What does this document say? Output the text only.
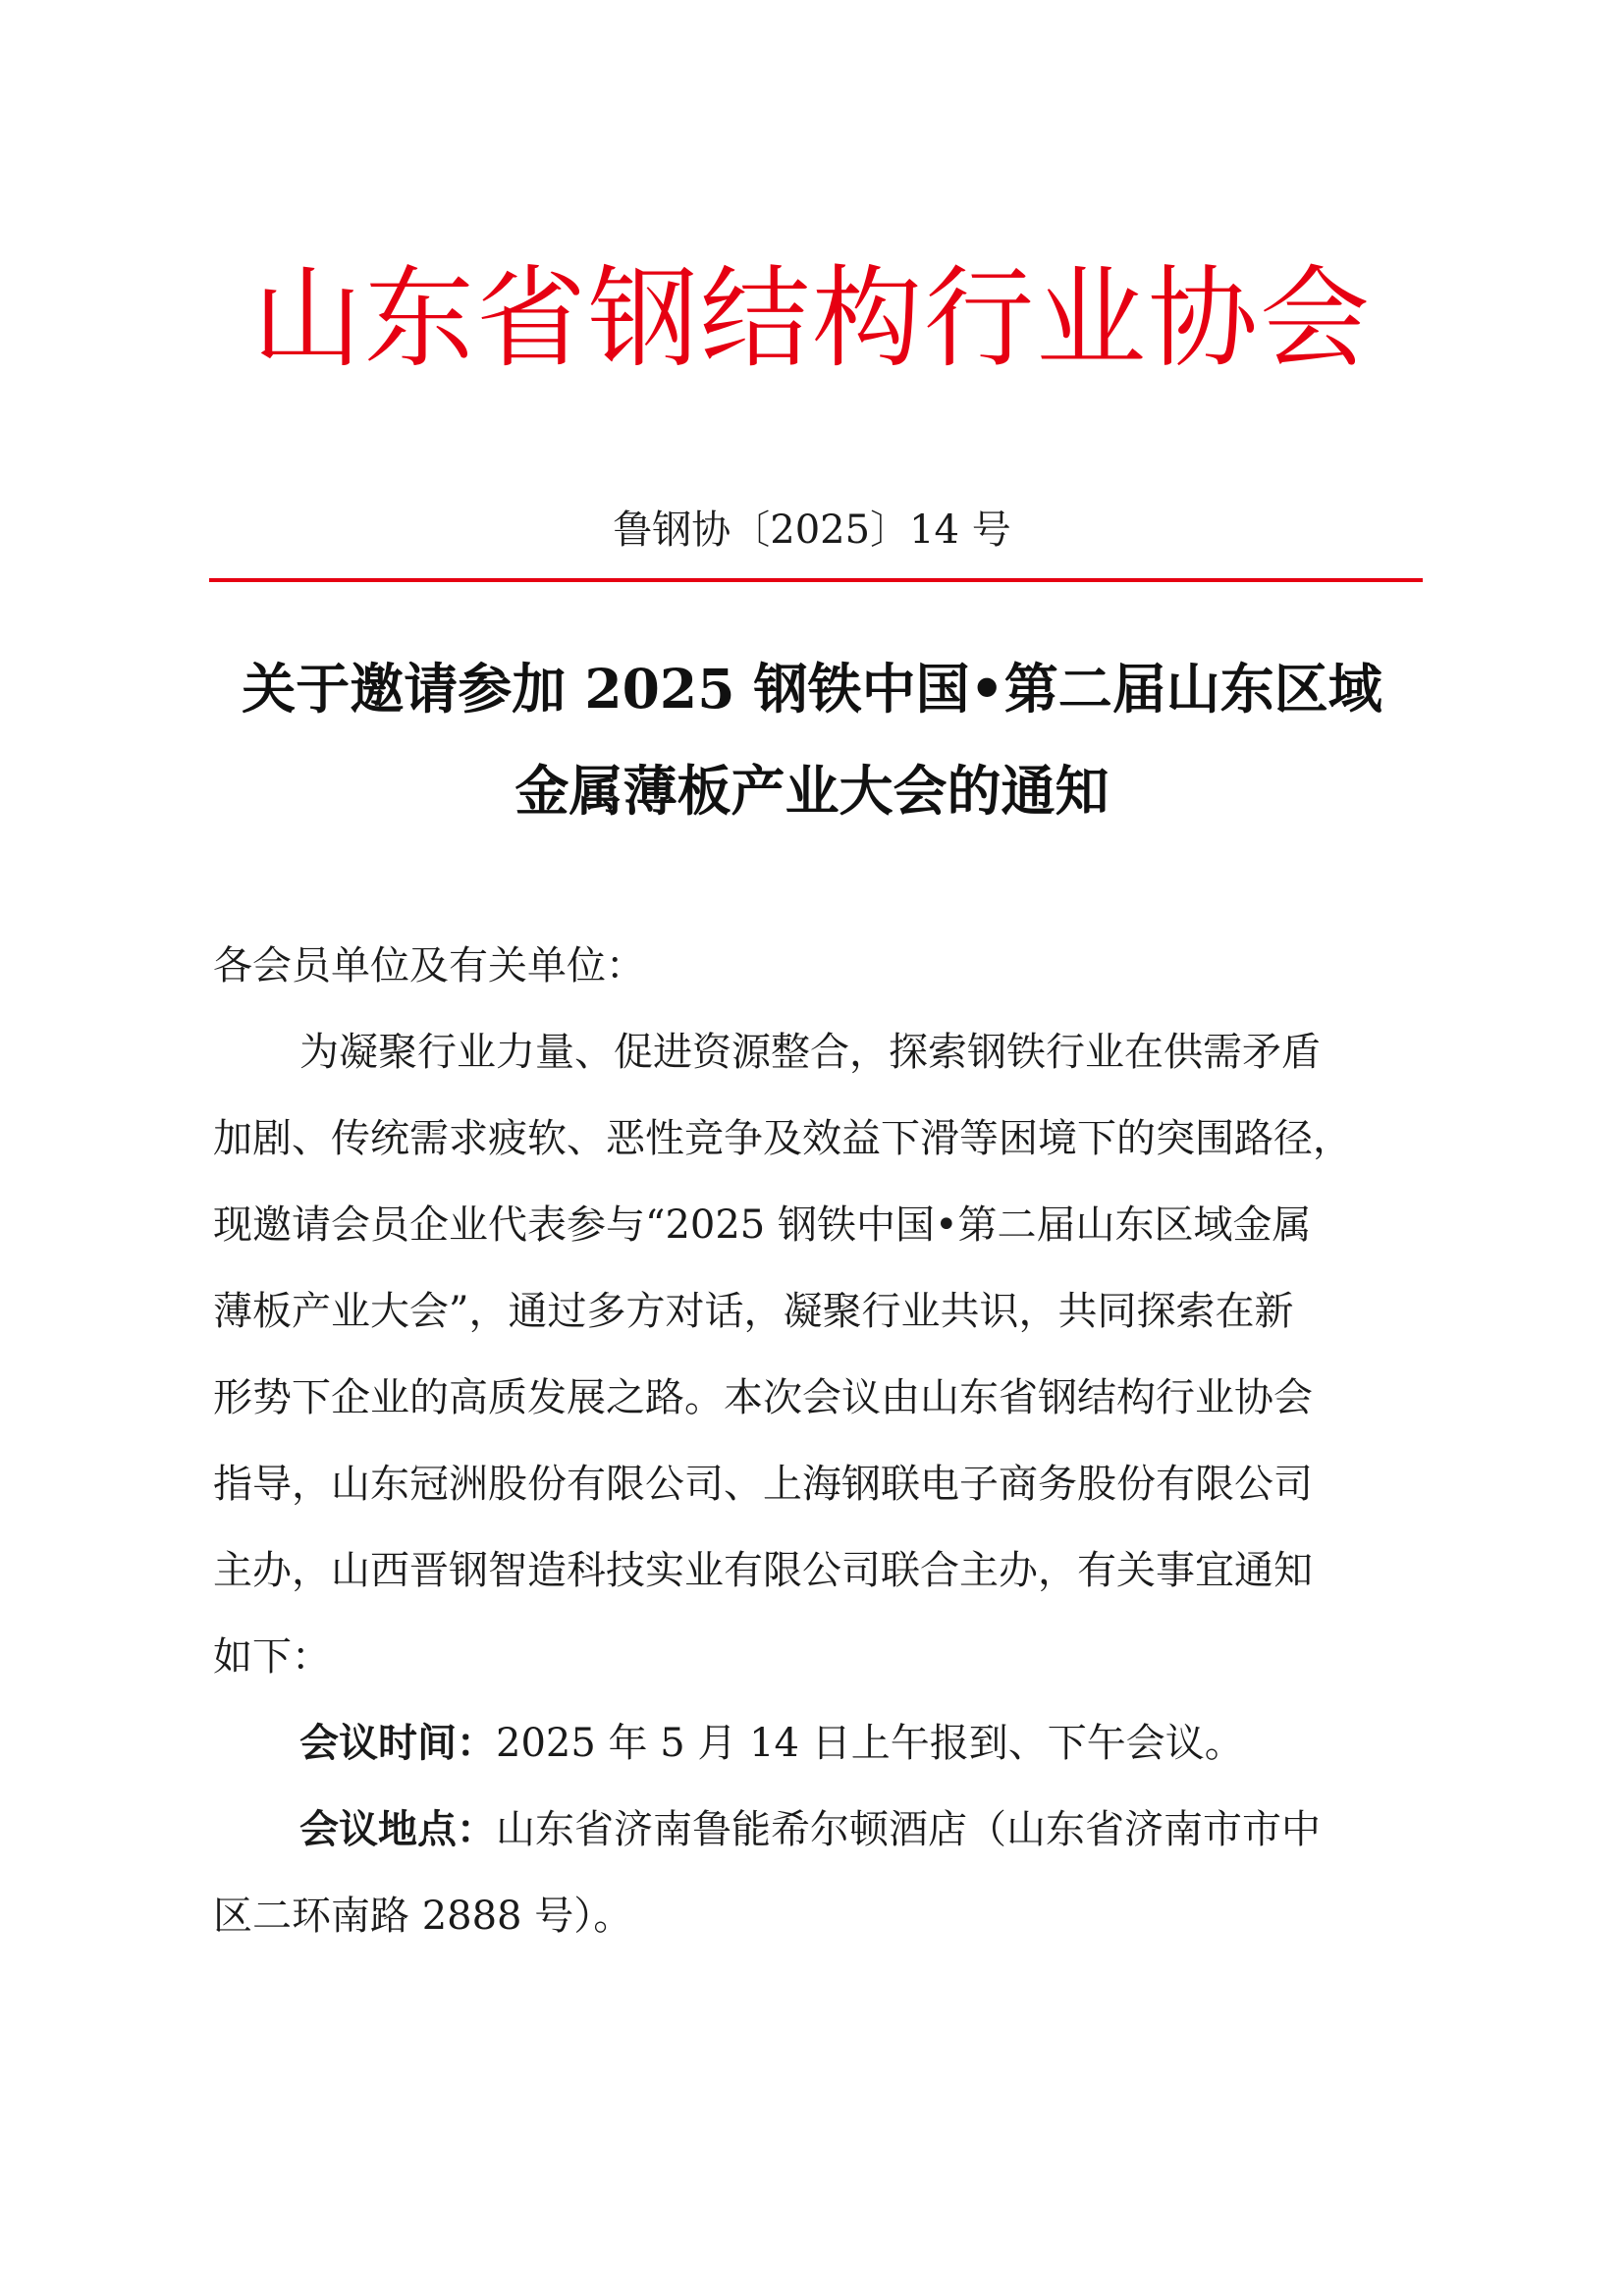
山东省钢结构行业协会
鲁钢协〔2025〕14 号
关于邀请参加 2025 钢铁中国•第二届山东区域
金属薄板产业大会的通知

各会员单位及有关单位：

为凝聚行业力量、促进资源整合，探索钢铁行业在供需矛盾

加剧、传统需求疲软、恶性竞争及效益下滑等困境下的突围路径，

现邀请会员企业代表参与“2025 钢铁中国•第二届山东区域金属

薄板产业大会”，通过多方对话，凝聚行业共识，共同探索在新

形势下企业的高质发展之路。本次会议由山东省钢结构行业协会

指导，山东冠洲股份有限公司、上海钢联电子商务股份有限公司

主办，山西晋钢智造科技实业有限公司联合主办，有关事宜通知

如下：

会议时间：2025 年 5 月 14 日上午报到、下午会议。

会议地点：山东省济南鲁能希尔顿酒店（山东省济南市市中

区二环南路 2888 号）。
